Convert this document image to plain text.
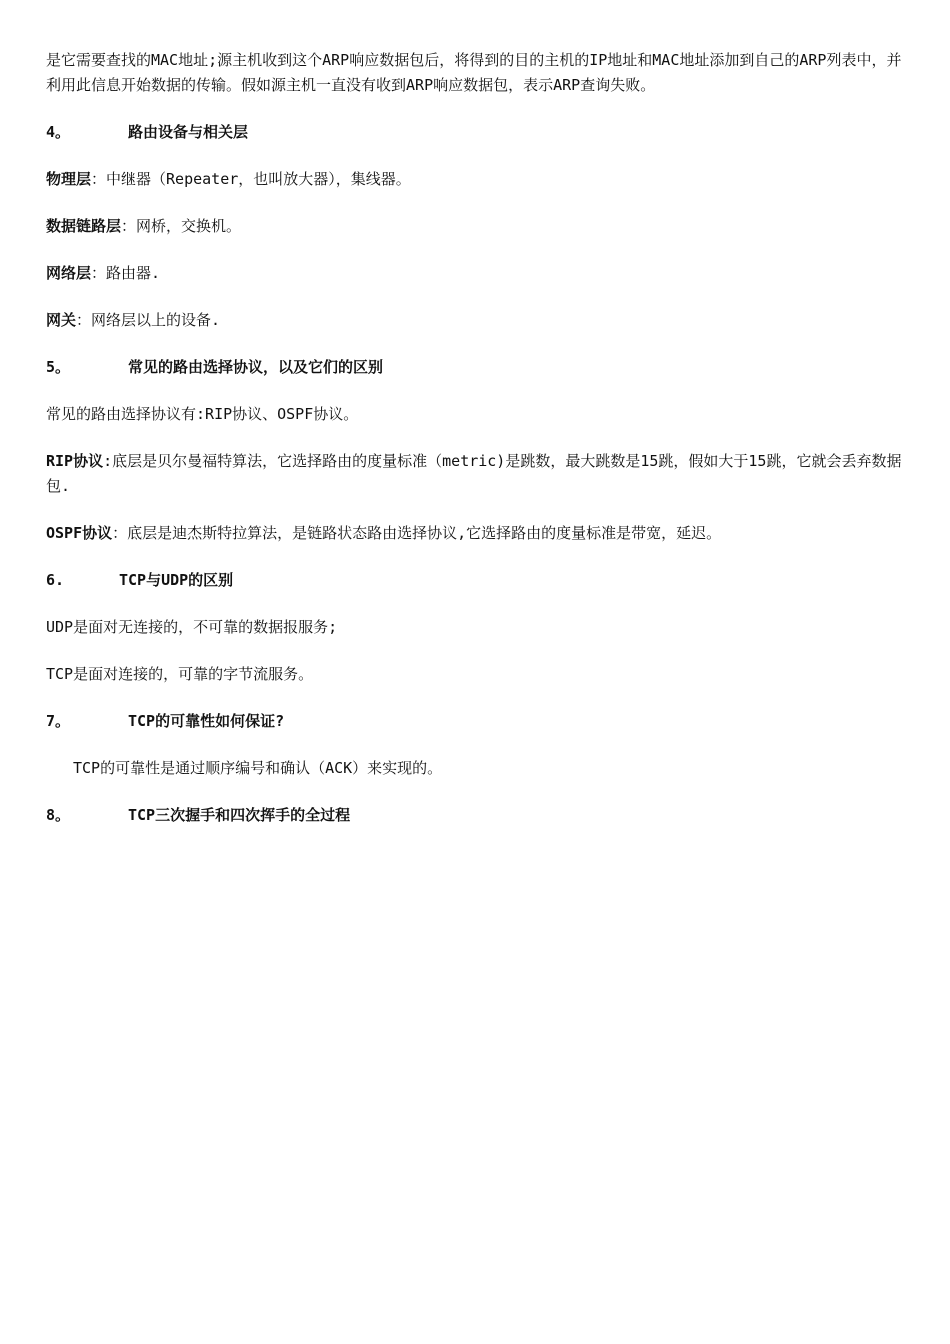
是它需要查找的MAC地址;源主机收到这个ARP响应数据包后，将得到的目的主机的IP地址和MAC地址添加到自己的ARP列表中，并利用此信息开始数据的传输。假如源主机一直没有收到ARP响应数据包，表示ARP查询失败。

4。	路由设备与相关层

物理层：中继器（Repeater，也叫放大器），集线器。

数据链路层：网桥，交换机。

网络层：路由器.

网关：网络层以上的设备.

5。	常见的路由选择协议，以及它们的区别

常见的路由选择协议有:RIP协议、OSPF协议。

RIP协议:底层是贝尔曼福特算法，它选择路由的度量标准（metric)是跳数，最大跳数是15跳，假如大于15跳，它就会丢弃数据包.

OSPF协议：底层是迪杰斯特拉算法，是链路状态路由选择协议,它选择路由的度量标准是带宽，延迟。

6.	TCP与UDP的区别

UDP是面对无连接的，不可靠的数据报服务;

TCP是面对连接的，可靠的字节流服务。

7。	TCP的可靠性如何保证?

TCP的可靠性是通过顺序编号和确认（ACK）来实现的。

8。	TCP三次握手和四次挥手的全过程
